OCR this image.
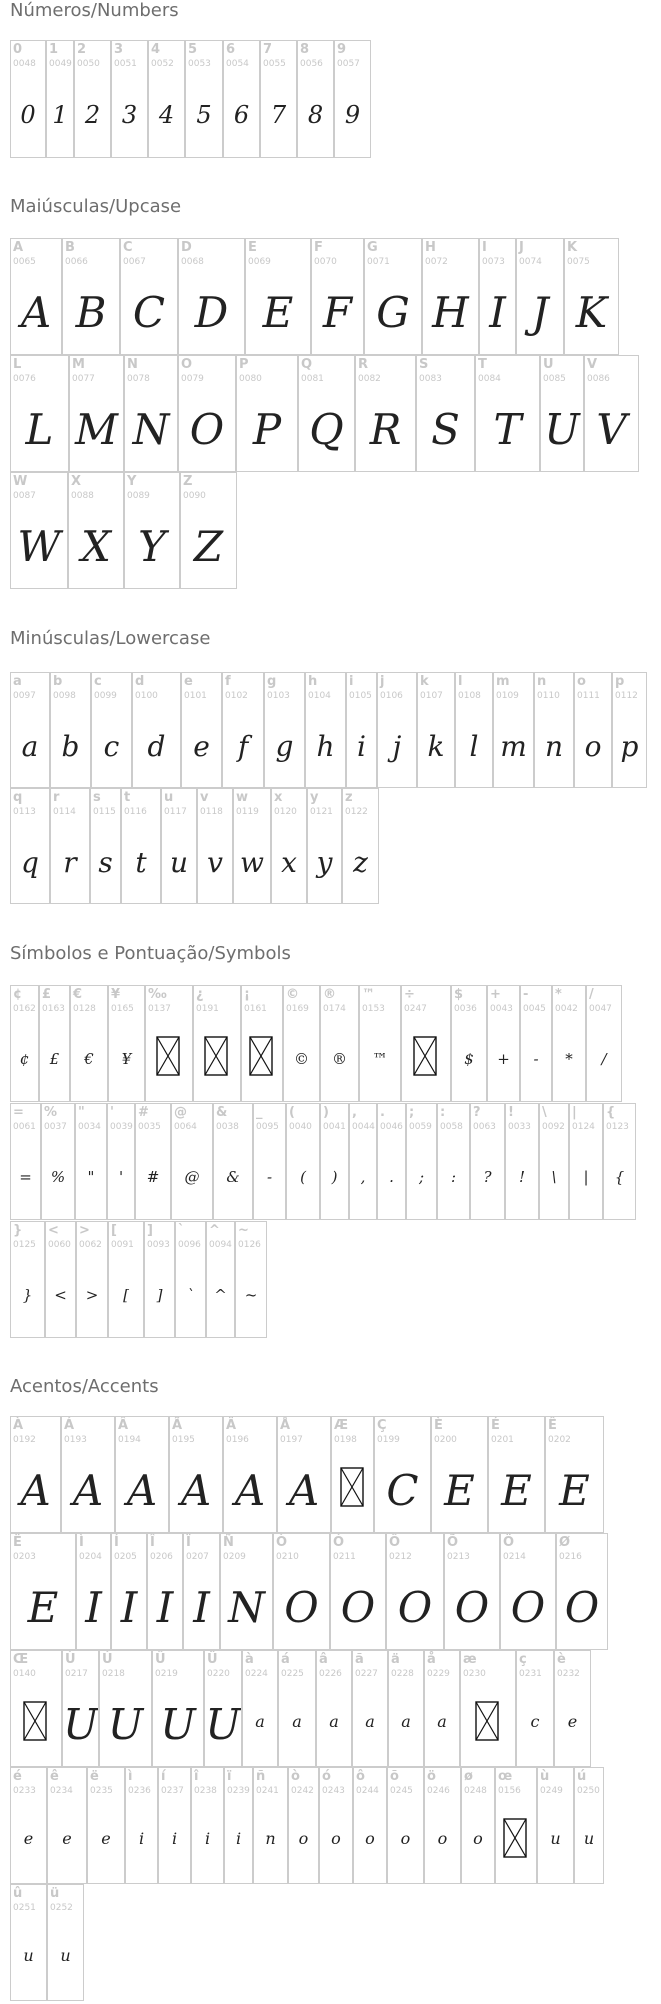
Números/Numbers
0
0048
0
1
0049
1
2
0050
2
3
0051
3
4
0052
4
5
0053
5
6
0054
6
7
0055
7
8
0056
8
9
0057
9
Maiúsculas/Upcase
A
0065
A
B
0066
B
C
0067
C
D
0068
D
E
0069
E
F
0070
F
G
0071
G
H
0072
H
I
0073
I
J
0074
J
K
0075
K
L
0076
L
M
0077
M
N
0078
N
O
0079
O
P
0080
P
Q
0081
Q
R
0082
R
S
0083
S
T
0084
T
U
0085
U
V
0086
V
W
0087
W
X
0088
X
Y
0089
Y
Z
0090
Z
Minúsculas/Lowercase
a
0097
a
b
0098
b
c
0099
c
d
0100
d
e
0101
e
f
0102
f
g
0103
g
h
0104
h
i
0105
i
j
0106
j
k
0107
k
l
0108
l
m
0109
m
n
0110
n
o
0111
o
p
0112
p
q
0113
q
r
0114
r
s
0115
s
t
0116
t
u
0117
u
v
0118
v
w
0119
w
x
0120
x
y
0121
y
z
0122
z
Símbolos e Pontuação/Symbols
¢
0162
¢
£
0163
£
€
0128
€
¥
0165
¥
‰
0137
¿
0191
¡
0161
©
0169
©
®
0174
®
™
0153
™
÷
0247
$
0036
$
+
0043
+
-
0045
-
*
0042
*
/
0047
/
=
0061
=
%
0037
%
"
0034
"
'
0039
'
#
0035
#
@
0064
@
&
0038
&
_
0095
-
(
0040
(
)
0041
)
,
0044
,
.
0046
.
;
0059
;
:
0058
:
?
0063
?
!
0033
!
\
0092
\
|
0124
|
{
0123
{
}
0125
}
<
0060
<
>
0062
>
[
0091
[
]
0093
]
`
0096
`
^
0094
^
~
0126
~
Acentos/Accents
À
0192
A
Á
0193
A
Â
0194
A
Ã
0195
A
Ä
0196
A
Å
0197
A
Æ
0198
Ç
0199
C
È
0200
E
É
0201
E
Ê
0202
E
Ë
0203
E
Ì
0204
I
Í
0205
I
Î
0206
I
Ï
0207
I
Ñ
0209
N
Ò
0210
O
Ó
0211
O
Ô
0212
O
Õ
0213
O
Ö
0214
O
Ø
0216
O
Œ
0140
Ù
0217
U
Ú
0218
U
Û
0219
U
Ü
0220
U
à
0224
a
á
0225
a
â
0226
a
ã
0227
a
ä
0228
a
å
0229
a
æ
0230
ç
0231
c
è
0232
e
é
0233
e
ê
0234
e
ë
0235
e
ì
0236
i
í
0237
i
î
0238
i
ï
0239
i
ñ
0241
n
ò
0242
o
ó
0243
o
ô
0244
o
õ
0245
o
ö
0246
o
ø
0248
o
œ
0156
ù
0249
u
ú
0250
u
û
0251
u
ü
0252
u
